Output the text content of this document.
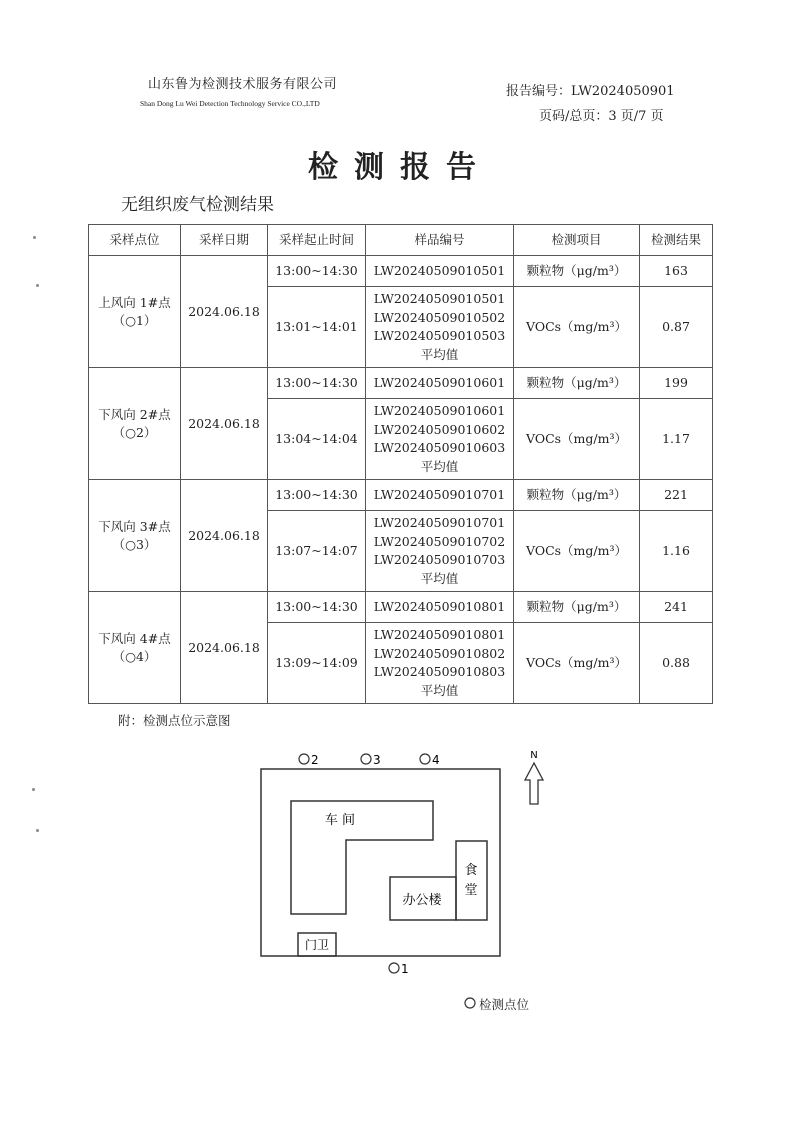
山东鲁为检测技术服务有限公司
Shan Dong Lu Wei Detection Technology Service CO.,LTD
报告编号：LW2024050901
页码/总页：3 页/7 页
检测报告
无组织废气检测结果
采样点位	采样日期	采样起止时间	样品编号	检测项目	检测结果

上风向 1#点
（○1）	2024.06.18	13:00~14:30	LW20240509010501	颗粒物（μg/m³）	163
		13:01~14:01	LW20240509010501
LW20240509010502
LW20240509010503
平均值	VOCs（mg/m³）	0.87

下风向 2#点
（○2）	2024.06.18	13:00~14:30	LW20240509010601	颗粒物（μg/m³）	199
		13:04~14:04	LW20240509010601
LW20240509010602
LW20240509010603
平均值	VOCs（mg/m³）	1.17

下风向 3#点
（○3）	2024.06.18	13:00~14:30	LW20240509010701	颗粒物（μg/m³）	221
		13:07~14:07	LW20240509010701
LW20240509010702
LW20240509010703
平均值	VOCs（mg/m³）	1.16

下风向 4#点
（○4）	2024.06.18	13:00~14:30	LW20240509010801	颗粒物（μg/m³）	241
		13:09~14:09	LW20240509010801
LW20240509010802
LW20240509010803
平均值	VOCs（mg/m³）	0.88
附：检测点位示意图
车 间
办公楼
食
堂
门卫
2	3	4
1
N
检测点位
